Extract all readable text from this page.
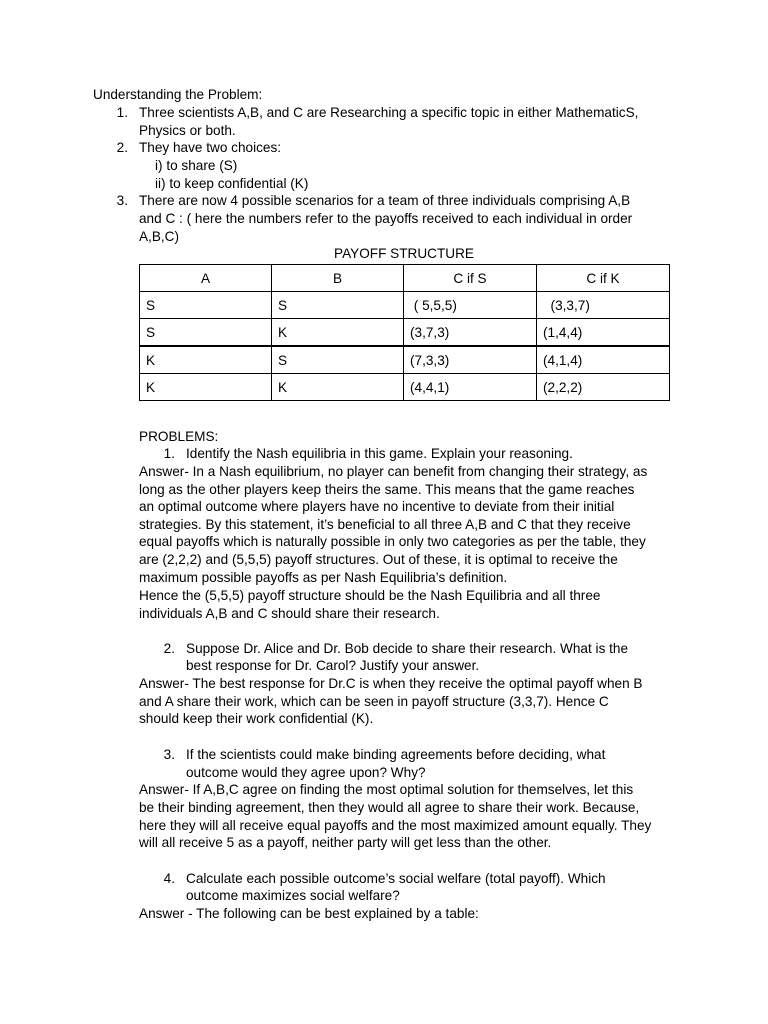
Understanding the Problem:
1. Three scientists A,B, and C are Researching a specific topic in either MathematicS,
Physics or both.
2. They have two choices:
i) to share (S)
ii) to keep confidential (K)
3. There are now 4 possible scenarios for a team of three individuals comprising A,B
and C : ( here the numbers refer to the payoffs received to each individual in order
A,B,C)
PAYOFF STRUCTURE
A	B	C if S	C if K
S	S	( 5,5,5)	(3,3,7)
S	K	(3,7,3)	(1,4,4)
K	S	(7,3,3)	(4,1,4)
K	K	(4,4,1)	(2,2,2)
PROBLEMS:
1. Identify the Nash equilibria in this game. Explain your reasoning.
Answer- In a Nash equilibrium, no player can benefit from changing their strategy, as
long as the other players keep theirs the same. This means that the game reaches
an optimal outcome where players have no incentive to deviate from their initial
strategies. By this statement, it’s beneficial to all three A,B and C that they receive
equal payoffs which is naturally possible in only two categories as per the table, they
are (2,2,2) and (5,5,5) payoff structures. Out of these, it is optimal to receive the
maximum possible payoffs as per Nash Equilibria’s definition.
Hence the (5,5,5) payoff structure should be the Nash Equilibria and all three
individuals A,B and C should share their research.
2. Suppose Dr. Alice and Dr. Bob decide to share their research. What is the
best response for Dr. Carol? Justify your answer.
Answer- The best response for Dr.C is when they receive the optimal payoff when B
and A share their work, which can be seen in payoff structure (3,3,7). Hence C
should keep their work confidential (K).
3. If the scientists could make binding agreements before deciding, what
outcome would they agree upon? Why?
Answer- If A,B,C agree on finding the most optimal solution for themselves, let this
be their binding agreement, then they would all agree to share their work. Because,
here they will all receive equal payoffs and the most maximized amount equally. They
will all receive 5 as a payoff, neither party will get less than the other.
4. Calculate each possible outcome’s social welfare (total payoff). Which
outcome maximizes social welfare?
Answer - The following can be best explained by a table:
